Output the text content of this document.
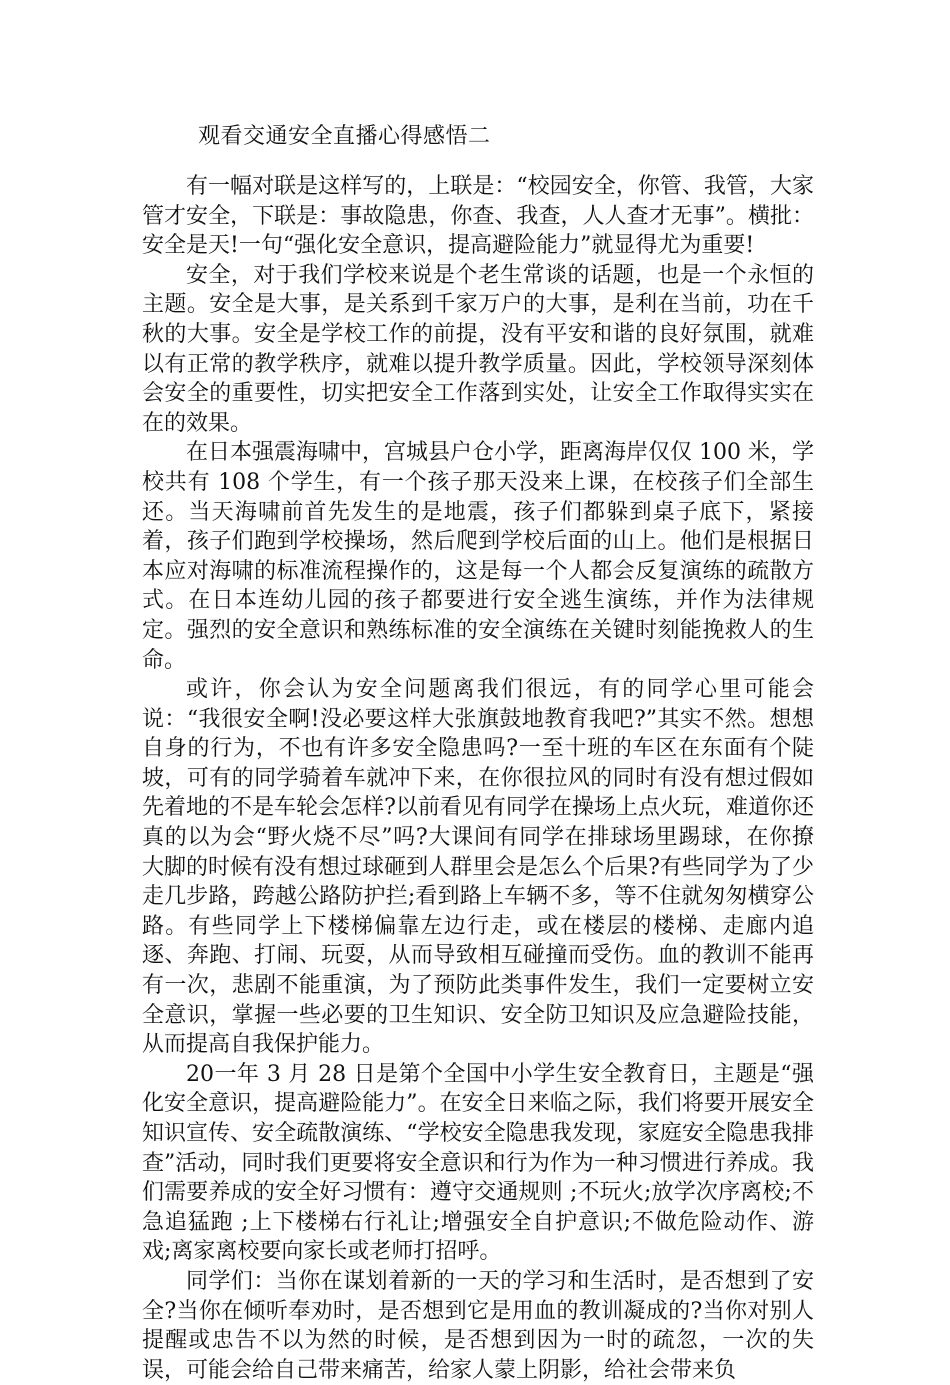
观看交通安全直播心得感悟二

有一幅对联是这样写的，上联是：“校园安全，你管、我管，大家管才安全，下联是：事故隐患，你查、我查，人人查才无事”。横批：安全是天!一句“强化安全意识，提高避险能力”就显得尤为重要!

安全，对于我们学校来说是个老生常谈的话题，也是一个永恒的主题。安全是大事，是关系到千家万户的大事，是利在当前，功在千秋的大事。安全是学校工作的前提，没有平安和谐的良好氛围，就难以有正常的教学秩序，就难以提升教学质量。因此，学校领导深刻体会安全的重要性，切实把安全工作落到实处，让安全工作取得实实在在的效果。

在日本强震海啸中，宫城县户仓小学，距离海岸仅仅 100 米，学校共有 108 个学生，有一个孩子那天没来上课，在校孩子们全部生还。当天海啸前首先发生的是地震，孩子们都躲到桌子底下，紧接着，孩子们跑到学校操场，然后爬到学校后面的山上。他们是根据日本应对海啸的标准流程操作的，这是每一个人都会反复演练的疏散方式。在日本连幼儿园的孩子都要进行安全逃生演练，并作为法律规定。强烈的安全意识和熟练标准的安全演练在关键时刻能挽救人的生命。

或许，你会认为安全问题离我们很远，有的同学心里可能会说：“我很安全啊!没必要这样大张旗鼓地教育我吧?”其实不然。想想自身的行为，不也有许多安全隐患吗?一至十班的车区在东面有个陡坡，可有的同学骑着车就冲下来，在你很拉风的同时有没有想过假如先着地的不是车轮会怎样?以前看见有同学在操场上点火玩，难道你还真的以为会“野火烧不尽”吗?大课间有同学在排球场里踢球，在你撩大脚的时候有没有想过球砸到人群里会是怎么个后果?有些同学为了少走几步路，跨越公路防护拦;看到路上车辆不多，等不住就匆匆横穿公路。有些同学上下楼梯偏靠左边行走，或在楼层的楼梯、走廊内追逐、奔跑、打闹、玩耍，从而导致相互碰撞而受伤。血的教训不能再有一次，悲剧不能重演，为了预防此类事件发生，我们一定要树立安全意识，掌握一些必要的卫生知识、安全防卫知识及应急避险技能，从而提高自我保护能力。

20一年 3 月 28 日是第个全国中小学生安全教育日，主题是“强化安全意识，提高避险能力”。在安全日来临之际，我们将要开展安全知识宣传、安全疏散演练、“学校安全隐患我发现，家庭安全隐患我排查”活动，同时我们更要将安全意识和行为作为一种习惯进行养成。我们需要养成的安全好习惯有：遵守交通规则 ;不玩火;放学次序离校;不急追猛跑 ;上下楼梯右行礼让;增强安全自护意识;不做危险动作、游戏;离家离校要向家长或老师打招呼。

同学们：当你在谋划着新的一天的学习和生活时，是否想到了安全?当你在倾听奉劝时，是否想到它是用血的教训凝成的?当你对别人提醒或忠告不以为然的时候，是否想到因为一时的疏忽，一次的失误，可能会给自己带来痛苦，给家人蒙上阴影，给社会带来负
